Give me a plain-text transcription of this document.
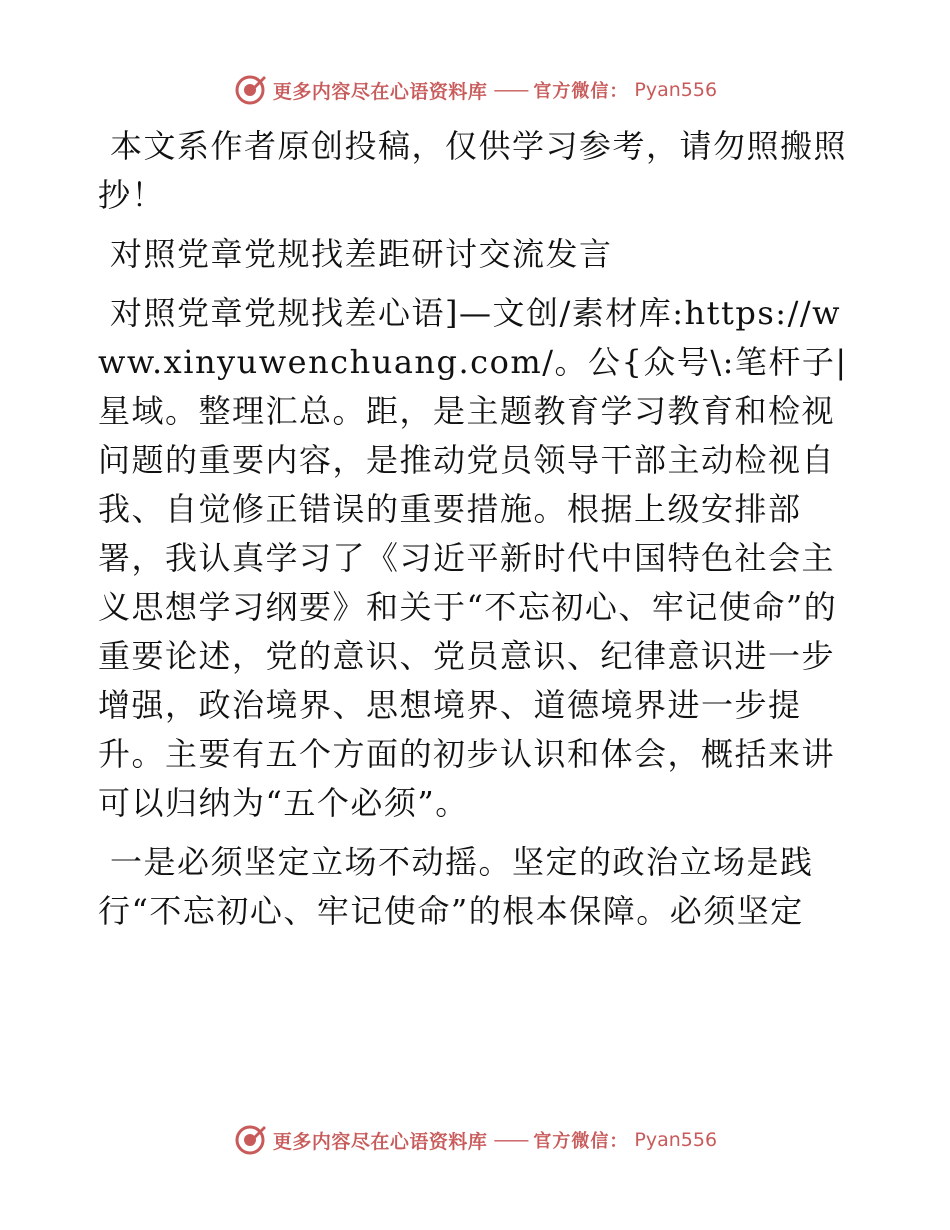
更多内容尽在心语资料库 —— 官方微信： Pyan556

本文系作者原创投稿，仅供学习参考，请勿照搬照抄！

对照党章党规找差距研讨交流发言

对照党章党规找差心语]—文创/素材库:https://www.xinyuwenchuang.com/。公{众号\:笔杆子|星域。整理汇总。距，是主题教育学习教育和检视问题的重要内容，是推动党员领导干部主动检视自我、自觉修正错误的重要措施。根据上级安排部署，我认真学习了《习近平新时代中国特色社会主义思想学习纲要》和关于“不忘初心、牢记使命”的重要论述，党的意识、党员意识、纪律意识进一步增强，政治境界、思想境界、道德境界进一步提升。主要有五个方面的初步认识和体会，概括来讲可以归纳为“五个必须”。

一是必须坚定立场不动摇。坚定的政治立场是践行“不忘初心、牢记使命”的根本保障。必须坚定

更多内容尽在心语资料库 —— 官方微信： Pyan556
